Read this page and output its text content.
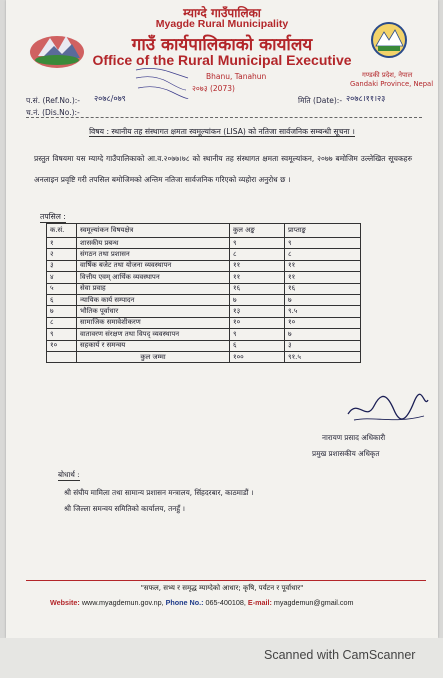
म्याग्दे गाउँपालिका
Myagde Rural Municipality
गाउँ कार्यपालिकाको कार्यालय
Office of the Rural Municipal Executive
Bhanu, Tanahun
२०७३ (2073)
गण्डकी प्रदेश, नेपाल
Gandaki Province, Nepal
प.सं. (Ref.No.):- २०७८/०७९
च.नं. (Dis.No.):-
मिति (Date):- २०७८।११।२३
विषय : स्थानीय तह संस्थागत क्षमता स्वमूल्यांकन (LISA) को नतिजा सार्वजनिक सम्बन्धी सूचना ।
प्रस्तुत विषयमा यस म्याग्दे गाउँपालिकाको आ.व.२०७७।७८ को स्थानीय तह संस्थागत क्षमता स्वमूल्यांकन, २०७७ बमोजिम उल्लेखित सूचकहरु अनलाइन प्रवृष्टि गरी तपसिल बमोजिमको अन्तिम नतिजा सार्वजनिक गरिएको व्यहोरा अनुरोध छ ।
तपसिल :
क.सं.	स्वमूल्यांकन विषयक्षेत्र	कुल अङ्क	प्राप्ताङ्क
१	शासकीय प्रबन्ध	९	९
२	संगठन तथा प्रशासन	८	८
३	वार्षिक बजेट तथा योजना व्यवस्थापन	११	११
४	वित्तीय एवम् आर्थिक व्यवस्थापन	११	११
५	सेवा प्रवाह	१६	१६
६	न्यायिक कार्य सम्पादन	७	७
७	भौतिक पूर्वाधार	१३	९.५
८	सामाजिक समावेशीकरण	१०	१०
९	वातावरण संरक्षण तथा विपद् व्यवस्थापन	९	७
१०	सहकार्य र समन्वय	६	३
	कुल जम्मा	१००	९१.५
नारायण प्रसाद अधिकारी
प्रमुख प्रशासकीय अधिकृत
बोधार्थ :
श्री संघीय मामिला तथा सामान्य प्रशासन मन्त्रालय, सिंहदरबार, काठमाडौं ।
श्री जिल्ला समन्वय समितिको कार्यालय, तनहुँ ।
"सफल, सभ्य र समृद्ध म्याग्देको आधार; कृषि, पर्यटन र पूर्वाधार"
Website: www.myagdemun.gov.np, Phone No.: 065-400108, E-mail: myagdemun@gmail.com
Scanned with CamScanner
